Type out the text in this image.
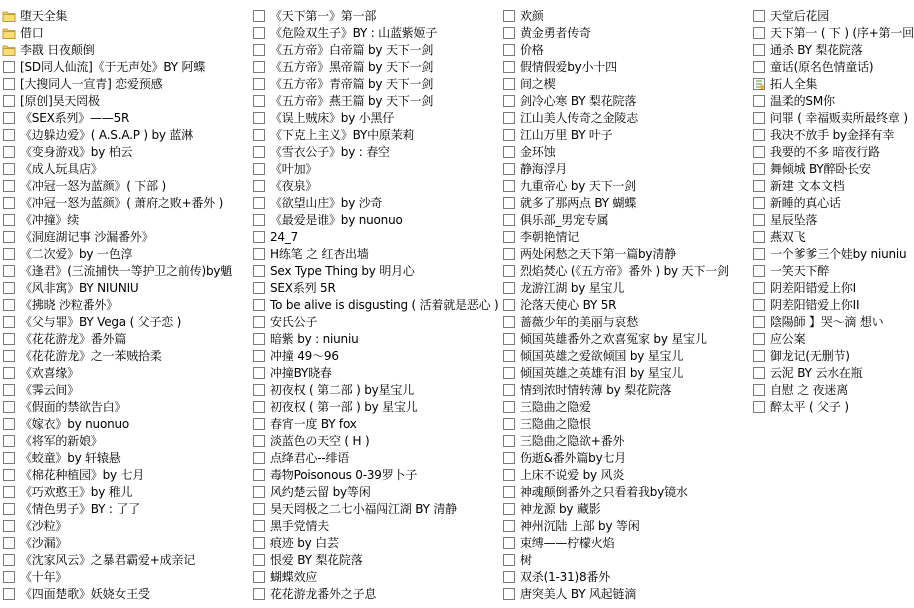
堕天全集
借口
李戡 日夜颠倒
[SD同人仙流]《于无声处》BY 阿蝶
[大搜同人一宣青] 恋爱预感
[原创]昊天罔极
《SEX系列》——5R
《边躲边爱》( A.S.A.P ) by 蓝淋
《变身游戏》by 柏云
《成人玩具店》
《冲冠一怒为蓝颜》( 下部 )
《冲冠一怒为蓝颜》( 萧府之败+番外 )
《冲撞》续
《洞庭湖记事 沙漏番外》
《二次爱》by 一色淳
《逢君》(三流捕快一等护卫之前传)by魈
《风非寓》BY NIUNIU
《拂晓 沙粒番外》
《父与罪》BY Vega ( 父子恋 )
《花花游龙》番外篇
《花花游龙》之一苯贼拾柔
《欢喜缘》
《霁云间》
《假面的禁欲告白》
《嫁衣》by nuonuo
《将军的新娘》
《蛟童》by 轩辕悬
《棉花种植园》by 七月
《巧欢憨王》by 稚儿
《情色男子》BY : 了了
《沙粒》
《沙漏》
《沈家风云》之暴君霸爱+成亲记
《十年》
《四面楚歌》妖娆女王受
《天下第一》第一部
《危险双生子》BY : 山蓝紫姬子
《五方帝》白帝篇 by 天下一剑
《五方帝》黑帝篇 by 天下一剑
《五方帝》青帝篇 by 天下一剑
《五方帝》燕王篇 by 天下一剑
《误上贼床》by 小黑仔
《下克上主义》BY中原茉莉
《雪衣公子》by : 春空
《叶加》
《夜泉》
《欲望山庄》by 沙奇
《最爱是谁》by nuonuo
24_7
H练笔 之 红杏出墙
Sex Type Thing by 明月心
SEX系列 5R
To be alive is disgusting ( 活着就是恶心 )
安氏公子
暗紫 by : niuniu
冲撞 49～96
冲撞BY晓春
初夜权 ( 第二部 ) by星宝儿
初夜权 ( 第一部 ) by 星宝儿
春宵一度 BY fox
淡蓝色の天空 ( H )
点绛君心--绯语
毒物Poisonous 0-39罗卜子
风约楚云留 by等闲
昊天罔极之二七小福闯江湖 BY 清静
黑手党情夫
痕迹 by 白芸
恨爱 BY 梨花院落
蝴蝶效应
花花游龙番外之子息
欢颜
黄金勇者传奇
价格
假情假爱by小十四
间之楔
剑冷心寒 BY 梨花院落
江山美人传奇之金陵志
江山万里 BY 叶子
金环蚀
静海浮月
九重帝心 by 天下一剑
就多了那两点 BY 蝴蝶
俱乐部_男宠专属
李朝艳情记
两处闲愁之天下第一篇by清静
烈焰焚心 (《五方帝》番外 ) by 天下一剑
龙游江湖 by 星宝儿
沦落天使心 BY 5R
蔷薇少年的美丽与哀愁
倾国英雄番外之欢喜冤家 by 星宝儿
倾国英雄之爱欲倾国 by 星宝儿
倾国英雄之英雄有泪 by 星宝儿
情到浓时情转薄 by 梨花院落
三隐曲之隐爱
三隐曲之隐恨
三隐曲之隐欲+番外
伤逝&番外篇by七月
上床不说爱 by 风炎
神魂颠倒番外之只看着我by镜水
神龙源 by 藏影
神州沉陆 上部 by 等闲
束缚——柠檬火焰
树
双杀(1-31)8番外
唐突美人 BY 风起链滴
天堂后花园
天下第一 ( 下 ) (序+第一回
通杀 BY 梨花院落
童话(原名色情童话)
拓人全集
温柔的SM你
问罪 ( 幸福贩卖所最终章 )
我决不放手 by金择有幸
我要的不多 暗夜行路
舞倾城 BY醉卧长安
新建 文本文档
新睡的真心话
星辰坠落
燕双飞
一个爹爹三个娃by niuniu
一笑天下醉
阴差阳错爱上你I
阴差阳错爱上你II
陰陽師 】哭～滴 想い
应公案
御龙记(无删节)
云泥 BY 云水在瓶
自慰 之 夜迷离
醉太平 ( 父子 )
